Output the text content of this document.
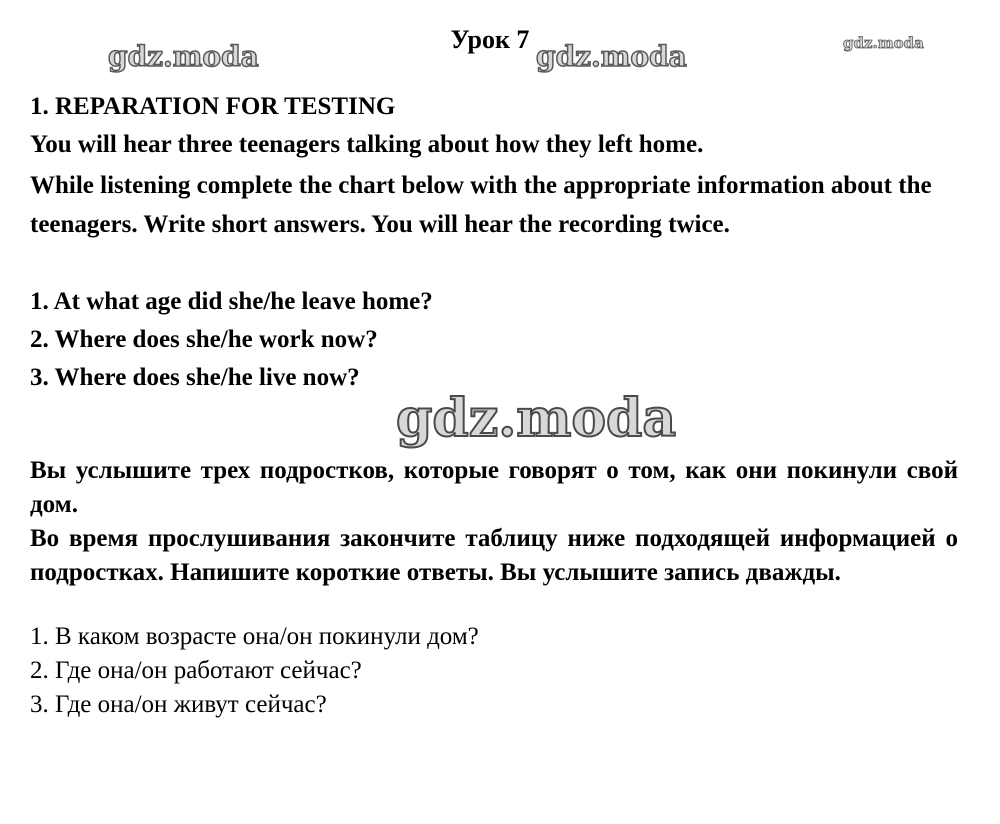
Урок 7
gdz.moda	gdz.moda	gdz.moda
1. REPARATION FOR TESTING
You will hear three teenagers talking about how they left home.
While listening complete the chart below with the appropriate information about the teenagers. Write short answers. You will hear the recording twice.
1. At what age did she/he leave home?
2. Where does she/he work now?
3. Where does she/he live now?
gdz.moda
Вы услышите трех подростков, которые говорят о том, как они покинули свой дом.
Во время прослушивания закончите таблицу ниже подходящей информацией о подростках. Напишите короткие ответы. Вы услышите запись дважды.
1. В каком возрасте она/он покинули дом?
2. Где она/он работают сейчас?
3. Где она/он живут сейчас?
